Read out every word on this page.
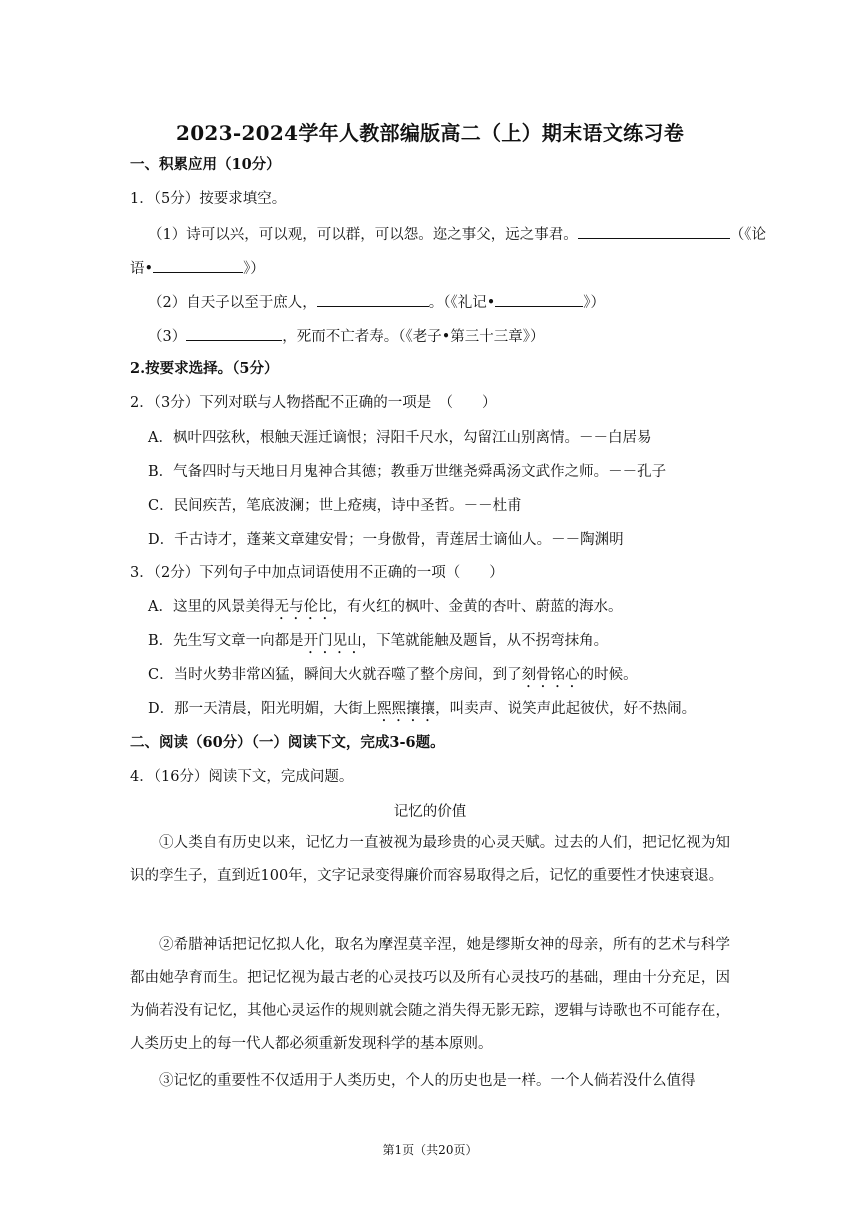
2023-2024学年人教部编版高二（上）期末语文练习卷
一、积累应用（10分）
1．（5分）按要求填空。
（1）诗可以兴，可以观，可以群，可以怨。迩之事父，远之事君。	（《论
语•	》）
（2）自天子以至于庶人，	。（《礼记•	》）
（3）	，死而不亡者寿。（《老子•第三十三章》）
2.按要求选择。（5分）
2．（3分）下列对联与人物搭配不正确的一项是　（　　）
A．枫叶四弦秋，根触天涯迁谪恨；浔阳千尺水，勾留江山别离情。－－白居易
B．气备四时与天地日月鬼神合其德；教垂万世继尧舜禹汤文武作之师。－－孔子
C．民间疾苦，笔底波澜；世上疮痍，诗中圣哲。－－杜甫
D．千古诗才，蓬莱文章建安骨；一身傲骨，青莲居士谪仙人。－－陶渊明
3．（2分）下列句子中加点词语使用不正确的一项（　　）
A．这里的风景美得无与伦比，有火红的枫叶、金黄的杏叶、蔚蓝的海水。
B．先生写文章一向都是开门见山，下笔就能触及题旨，从不拐弯抹角。
C．当时火势非常凶猛，瞬间大火就吞噬了整个房间，到了刻骨铭心的时候。
D．那一天清晨，阳光明媚，大街上熙熙攘攘，叫卖声、说笑声此起彼伏，好不热闹。
二、阅读（60分）（一）阅读下文，完成3-6题。
4．（16分）阅读下文，完成问题。
记忆的价值
①人类自有历史以来，记忆力一直被视为最珍贵的心灵天赋。过去的人们，把记忆视为知识的孪生子，直到近100年，文字记录变得廉价而容易取得之后，记忆的重要性才快速衰退。
②希腊神话把记忆拟人化，取名为摩涅莫辛涅，她是缪斯女神的母亲，所有的艺术与科学都由她孕育而生。把记忆视为最古老的心灵技巧以及所有心灵技巧的基础，理由十分充足，因为倘若没有记忆，其他心灵运作的规则就会随之消失得无影无踪，逻辑与诗歌也不可能存在，人类历史上的每一代人都必须重新发现科学的基本原则。
③记忆的重要性不仅适用于人类历史，个人的历史也是一样。一个人倘若没什么值得
第1页（共20页）
